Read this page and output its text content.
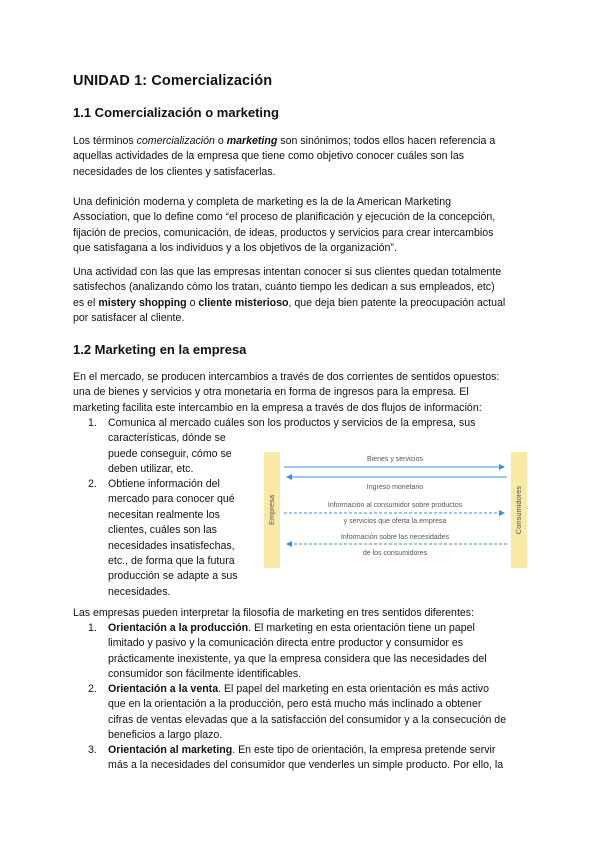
UNIDAD 1: Comercialización
1.1 Comercialización o marketing
Los términos comercialización o marketing son sinónimos; todos ellos hacen referencia a
aquellas actividades de la empresa que tiene como objetivo conocer cuáles son las
necesidades de los clientes y satisfacerlas.
Una definición moderna y completa de marketing es la de la American Marketing
Association, que lo define como “el proceso de planificación y ejecución de la concepción,
fijación de precios, comunicación, de ideas, productos y servicios para crear intercambios
que satisfagana a los individuos y a los objetivos de la organización”.
Una actividad con las que las empresas intentan conocer si sus clientes quedan totalmente
satisfechos (analizando cómo los tratan, cuánto tiempo les dedican a sus empleados, etc)
es el mistery shopping o cliente misterioso, que deja bien patente la preocupación actual
por satisfacer al cliente.
1.2 Marketing en la empresa
En el mercado, se producen intercambios a través de dos corrientes de sentidos opuestos:
una de bienes y servicios y otra monetaria en forma de ingresos para la empresa. El
marketing facilita este intercambio en la empresa a través de dos flujos de información:
1. Comunica al mercado cuáles son los productos y servicios de la empresa, sus
características, dónde se
puede conseguir, cómo se
deben utilizar, etc.
2. Obtiene información del
mercado para conocer qué
necesitan realmente los
clientes, cuáles son las
necesidades insatisfechas,
etc., de forma que la futura
producción se adapte a sus
necesidades.
Empresa	Consumidores
Bienes y servicios
Ingreso monetario
Información al consumidor sobre productos
y servicios que oferta la empresa
Información sobre las necesidades
de los consumidores
Las empresas pueden interpretar la filosofía de marketing en tres sentidos diferentes:
1. Orientación a la producción. El marketing en esta orientación tiene un papel
limitado y pasivo y la comunicación directa entre productor y consumidor es
prácticamente inexistente, ya que la empresa considera que las necesidades del
consumidor son fácilmente identificables.
2. Orientación a la venta. El papel del marketing en esta orientación es más activo
que en la orientación a la producción, pero está mucho más inclinado a obtener
cifras de ventas elevadas que a la satisfacción del consumidor y a la consecución de
beneficios a largo plazo.
3. Orientación al marketing. En este tipo de orientación, la empresa pretende servir
más a la necesidades del consumidor que venderles un simple producto. Por ello, la
